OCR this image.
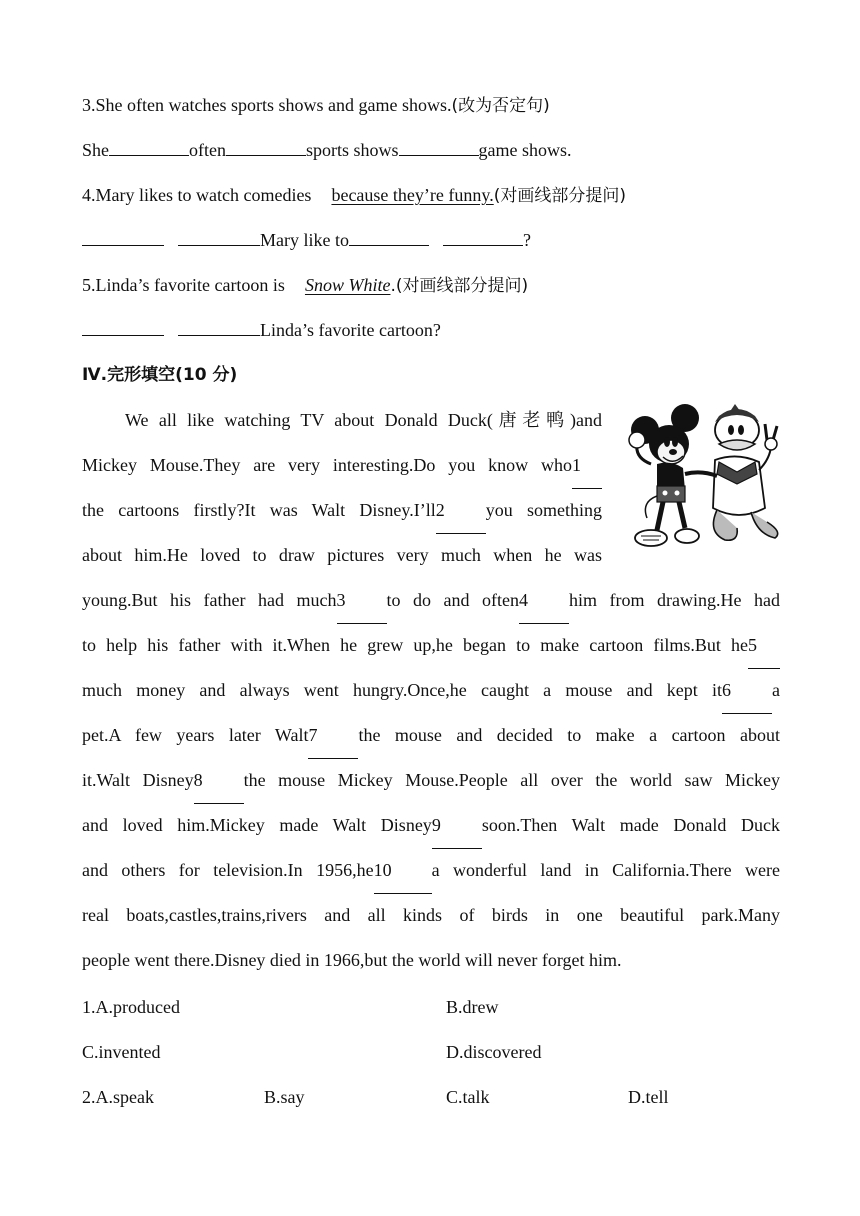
3.She often watches sports shows and game shows.(改为否定句)
She	often	sports shows	game shows.
4.Mary likes to watch comedies because they’re funny.(对画线部分提问)
Mary like to	?
5.Linda’s favorite cartoon is Snow White.(对画线部分提问)
Linda’s favorite cartoon?
Ⅳ.完形填空(10 分)
We all like watching TV about Donald Duck(唐老鸭)and
Mickey Mouse.They are very interesting.Do you know who1
the cartoons firstly?It was Walt Disney.I’ll2 you something
about him.He loved to draw pictures very much when he was
young.But his father had much3 to do and often4 him from drawing.He had
to help his father with it.When he grew up,he began to make cartoon films.But he5
much money and always went hungry.Once,he caught a mouse and kept it6 a
pet.A few years later Walt7 the mouse and decided to make a cartoon about
it.Walt Disney8 the mouse Mickey Mouse.People all over the world saw Mickey
and loved him.Mickey made Walt Disney9 soon.Then Walt made Donald Duck
and others for television.In 1956,he10 a wonderful land in California.There were
real boats,castles,trains,rivers and all kinds of birds in one beautiful park.Many
people went there.Disney died in 1966,but the world will never forget him.
1.A.produced	B.drew
C.invented	D.discovered
2.A.speak	B.say	C.talk	D.tell
